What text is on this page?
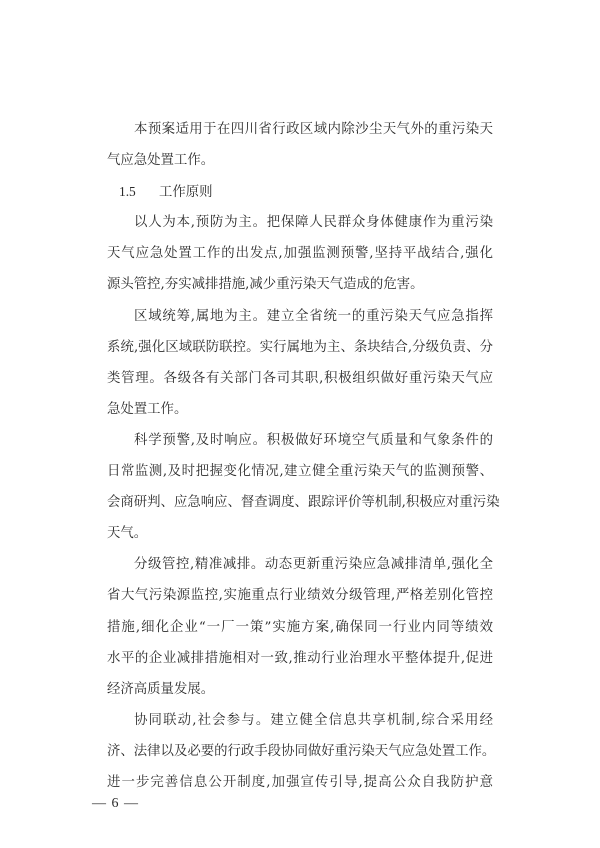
本预案适用于在四川省行政区域内除沙尘天气外的重污染天
气应急处置工作。
1.5 工作原则
以人为本,预防为主。把保障人民群众身体健康作为重污染
天气应急处置工作的出发点,加强监测预警,坚持平战结合,强化
源头管控,夯实减排措施,减少重污染天气造成的危害。
区域统筹,属地为主。建立全省统一的重污染天气应急指挥
系统,强化区域联防联控。实行属地为主、条块结合,分级负责、分
类管理。各级各有关部门各司其职,积极组织做好重污染天气应
急处置工作。
科学预警,及时响应。积极做好环境空气质量和气象条件的
日常监测,及时把握变化情况,建立健全重污染天气的监测预警、
会商研判、应急响应、督查调度、跟踪评价等机制,积极应对重污染
天气。
分级管控,精准减排。动态更新重污染应急减排清单,强化全
省大气污染源监控,实施重点行业绩效分级管理,严格差别化管控
措施,细化企业“一厂一策”实施方案,确保同一行业内同等绩效
水平的企业减排措施相对一致,推动行业治理水平整体提升,促进
经济高质量发展。
协同联动,社会参与。建立健全信息共享机制,综合采用经
济、法律以及必要的行政手段协同做好重污染天气应急处置工作。
进一步完善信息公开制度,加强宣传引导,提高公众自我防护意
— 6 —
